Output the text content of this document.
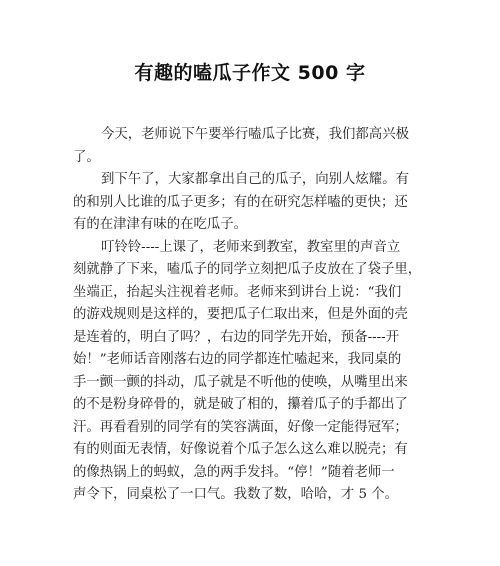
有趣的嗑瓜子作文 500 字
今天，老师说下午要举行嗑瓜子比赛，我们都高兴极
了。
到下午了，大家都拿出自己的瓜子，向别人炫耀。有
的和别人比谁的瓜子更多；有的在研究怎样嗑的更快；还
有的在津津有味的在吃瓜子。
叮铃铃----上课了，老师来到教室，教室里的声音立
刻就静了下来，嗑瓜子的同学立刻把瓜子皮放在了袋子里，
坐端正，抬起头注视着老师。老师来到讲台上说：“我们
的游戏规则是这样的，要把瓜子仁取出来，但是外面的壳
是连着的，明白了吗？，右边的同学先开始，预备----开
始！”老师话音刚落右边的同学都连忙嗑起来，我同桌的
手一颤一颤的抖动，瓜子就是不听他的使唤，从嘴里出来
的不是粉身碎骨的，就是破了相的，攥着瓜子的手都出了
汗。再看看别的同学有的笑容满面，好像一定能得冠军；
有的则面无表情，好像说着个瓜子怎么这么难以脱壳；有
的像热锅上的蚂蚁，急的两手发抖。“停！”随着老师一
声令下，同桌松了一口气。我数了数，哈哈，才 5 个。
